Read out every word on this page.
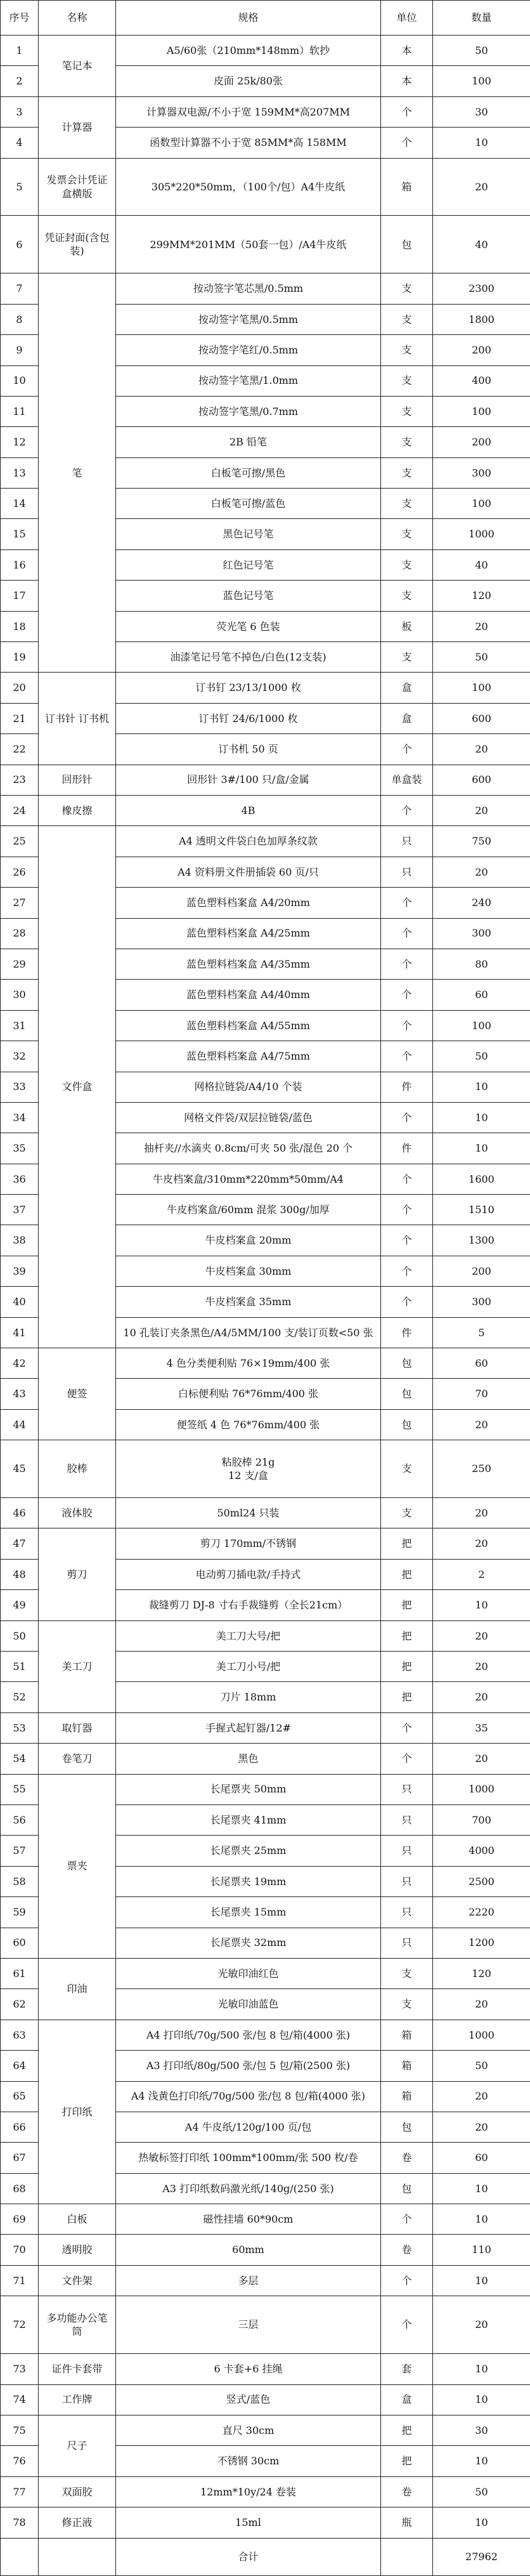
序号	名称	规格	单位	数量
1	笔记本	A5/60张（210mm*148mm）软抄	本	50
2		皮面 25k/80张	本	100
3	计算器	计算器双电源/不小于宽 159MM*高207MM	个	30
4		函数型计算器不小于宽 85MM*高 158MM	个	10
5	发票会计凭证盒横版	305*220*50mm，（100个/包）A4牛皮纸	箱	20
6	凭证封面(含包装)	299MM*201MM（50套一包）/A4牛皮纸	包	40
7	笔	按动签字笔芯黑/0.5mm	支	2300
8		按动签字笔黑/0.5mm	支	1800
9		按动签字笔红/0.5mm	支	200
10		按动签字笔黑/1.0mm	支	400
11		按动签字笔黑/0.7mm	支	100
12		2B 铅笔	支	200
13		白板笔可擦/黑色	支	300
14		白板笔可擦/蓝色	支	100
15		黑色记号笔	支	1000
16		红色记号笔	支	40
17		蓝色记号笔	支	120
18		荧光笔 6 色装	板	20
19		油漆笔记号笔不掉色/白色(12支装)	支	50
20	订书针 订书机	订书钉 23/13/1000 枚	盒	100
21		订书钉 24/6/1000 枚	盒	600
22		订书机 50 页	个	20
23	回形针	回形针 3#/100 只/盒/金属	单盒装	600
24	橡皮擦	4B	个	20
25	文件盒	A4 透明文件袋白色加厚条纹款	只	750
26		A4 资料册文件册插袋 60 页/只	只	20
27		蓝色塑料档案盒 A4/20mm	个	240
28		蓝色塑料档案盒 A4/25mm	个	300
29		蓝色塑料档案盒 A4/35mm	个	80
30		蓝色塑料档案盒 A4/40mm	个	60
31		蓝色塑料档案盒 A4/55mm	个	100
32		蓝色塑料档案盒 A4/75mm	个	50
33		网格拉链袋/A4/10 个装	件	10
34		网格文件袋/双层拉链袋/蓝色	个	10
35		抽杆夹//水滴夹 0.8cm/可夹 50 张/混色 20 个	件	10
36		牛皮档案盒/310mm*220mm*50mm/A4	个	1600
37		牛皮档案盒/60mm 混浆 300g/加厚	个	1510
38		牛皮档案盒 20mm	个	1300
39		牛皮档案盒 30mm	个	200
40		牛皮档案盒 35mm	个	300
41		10 孔装订夹条黑色/A4/5MM/100 支/装订页数<50 张	件	5
42	便签	4 色分类便利贴 76×19mm/400 张	包	60
43		白标便利贴 76*76mm/400 张	包	70
44		便签纸 4 色 76*76mm/400 张	包	20
45	胶棒	粘胶棒 21g
12 支/盒	支	250
46	液体胶	50ml24 只装	支	20
47	剪刀	剪刀 170mm/不锈钢	把	20
48		电动剪刀插电款/手持式	把	2
49		裁缝剪刀 DJ-8 寸右手裁缝剪（全长21cm）	把	10
50	美工刀	美工刀大号/把	把	20
51		美工刀小号/把	把	20
52		刀片 18mm	把	20
53	取钉器	手握式起钉器/12#	个	35
54	卷笔刀	黑色	个	20
55	票夹	长尾票夹 50mm	只	1000
56		长尾票夹 41mm	只	700
57		长尾票夹 25mm	只	4000
58		长尾票夹 19mm	只	2500
59		长尾票夹 15mm	只	2220
60		长尾票夹 32mm	只	1200
61	印油	光敏印油红色	支	120
62		光敏印油蓝色	支	20
63	打印纸	A4 打印纸/70g/500 张/包 8 包/箱(4000 张)	箱	1000
64		A3 打印纸/80g/500 张/包 5 包/箱(2500 张)	箱	50
65		A4 浅黄色打印纸/70g/500 张/包 8 包/箱(4000 张)	箱	20
66		A4 牛皮纸/120g/100 页/包	包	20
67		热敏标签打印纸 100mm*100mm/张 500 枚/卷	卷	60
68		A3 打印纸数码激光纸/140g/(250 张)	包	10
69	白板	磁性挂墙 60*90cm	个	10
70	透明胶	60mm	卷	110
71	文件架	多层	个	10
72	多功能办公笔筒	三层	个	20
73	证件卡套带	6 卡套+6 挂绳	套	10
74	工作牌	竖式/蓝色	盒	10
75	尺子	直尺 30cm	把	30
76		不锈钢 30cm	把	10
77	双面胶	12mm*10y/24 卷装	卷	50
78	修正液	15ml	瓶	10
		合计		27962
